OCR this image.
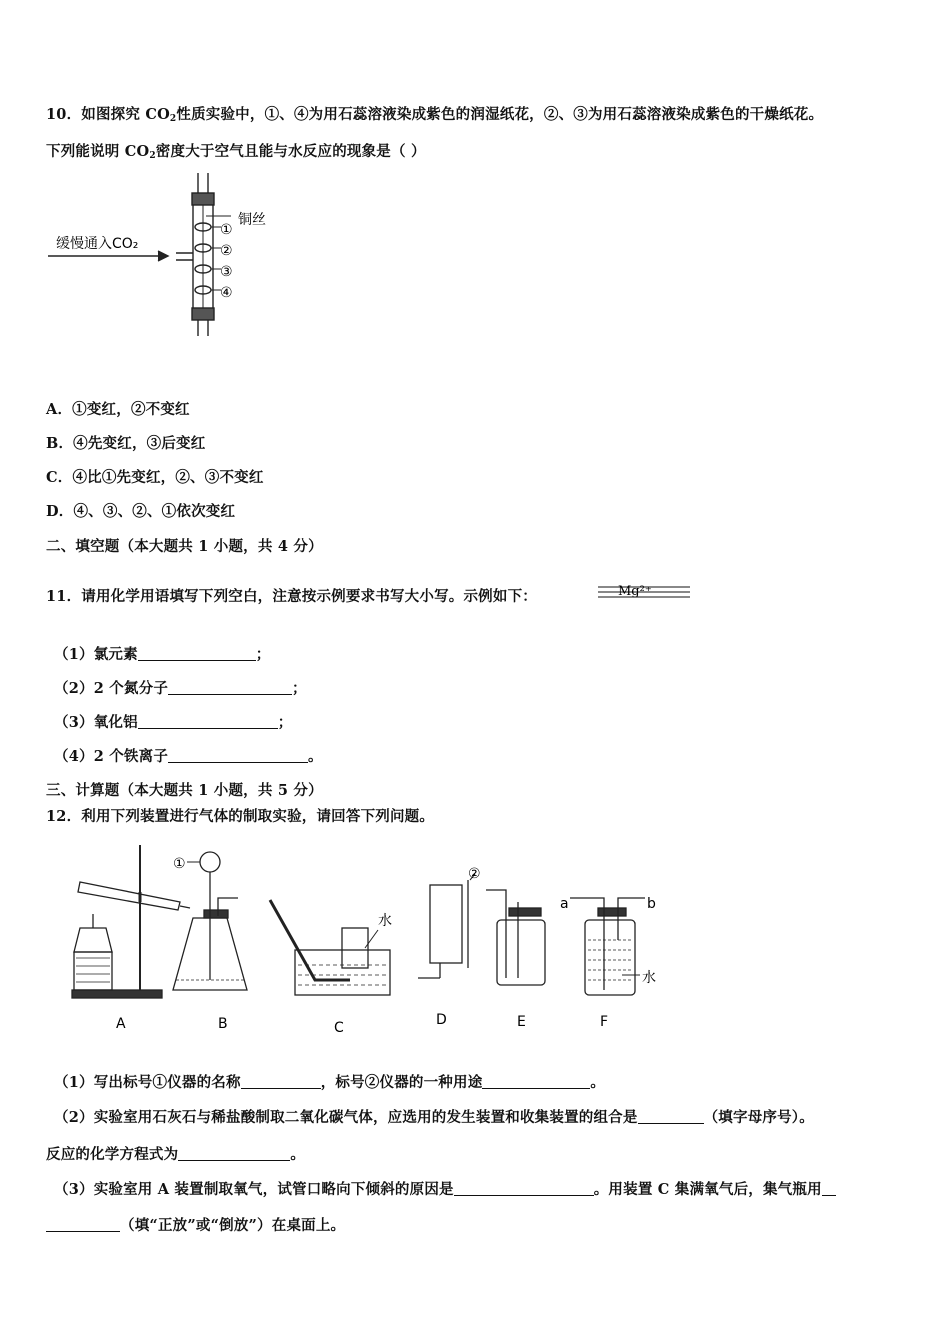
10．如图探究 $CO_2$性质实验中，①、④为用石蕊溶液染成紫色的润湿纸花，②、③为用石蕊溶液染成紫色的干燥纸花。
下列能说明 $CO_2$密度大于空气且能与水反应的现象是（ ）
缓慢通入CO₂
铜丝
①
②
③
④
A．①变红，②不变红
B．④先变红，③后变红
C．④比①先变红，②、③不变红
D．④、③、②、①依次变红
二、填空题（本大题共 1 小题，共 4 分）
11．请用化学用语填写下列空白，注意按示例要求书写大小写。示例如下：	Mg²⁺
（1）氯元素	；
（2）2 个氮分子	；
（3）氧化铝	；
（4）2 个铁离子	。
三、计算题（本大题共 1 小题，共 5 分）
12．利用下列装置进行气体的制取实验，请回答下列问题。
①
②
水
水
a	b
A	B	C	D	E	F
（1）写出标号①仪器的名称	，标号②仪器的一种用途	。
（2）实验室用石灰石与稀盐酸制取二氧化碳气体，应选用的发生装置和收集装置的组合是	（填字母序号）。
反应的化学方程式为	。
（3）实验室用 A 装置制取氧气，试管口略向下倾斜的原因是	。用装置 C 集满氧气后，集气瓶用
（填“正放”或“倒放”）在桌面上。
